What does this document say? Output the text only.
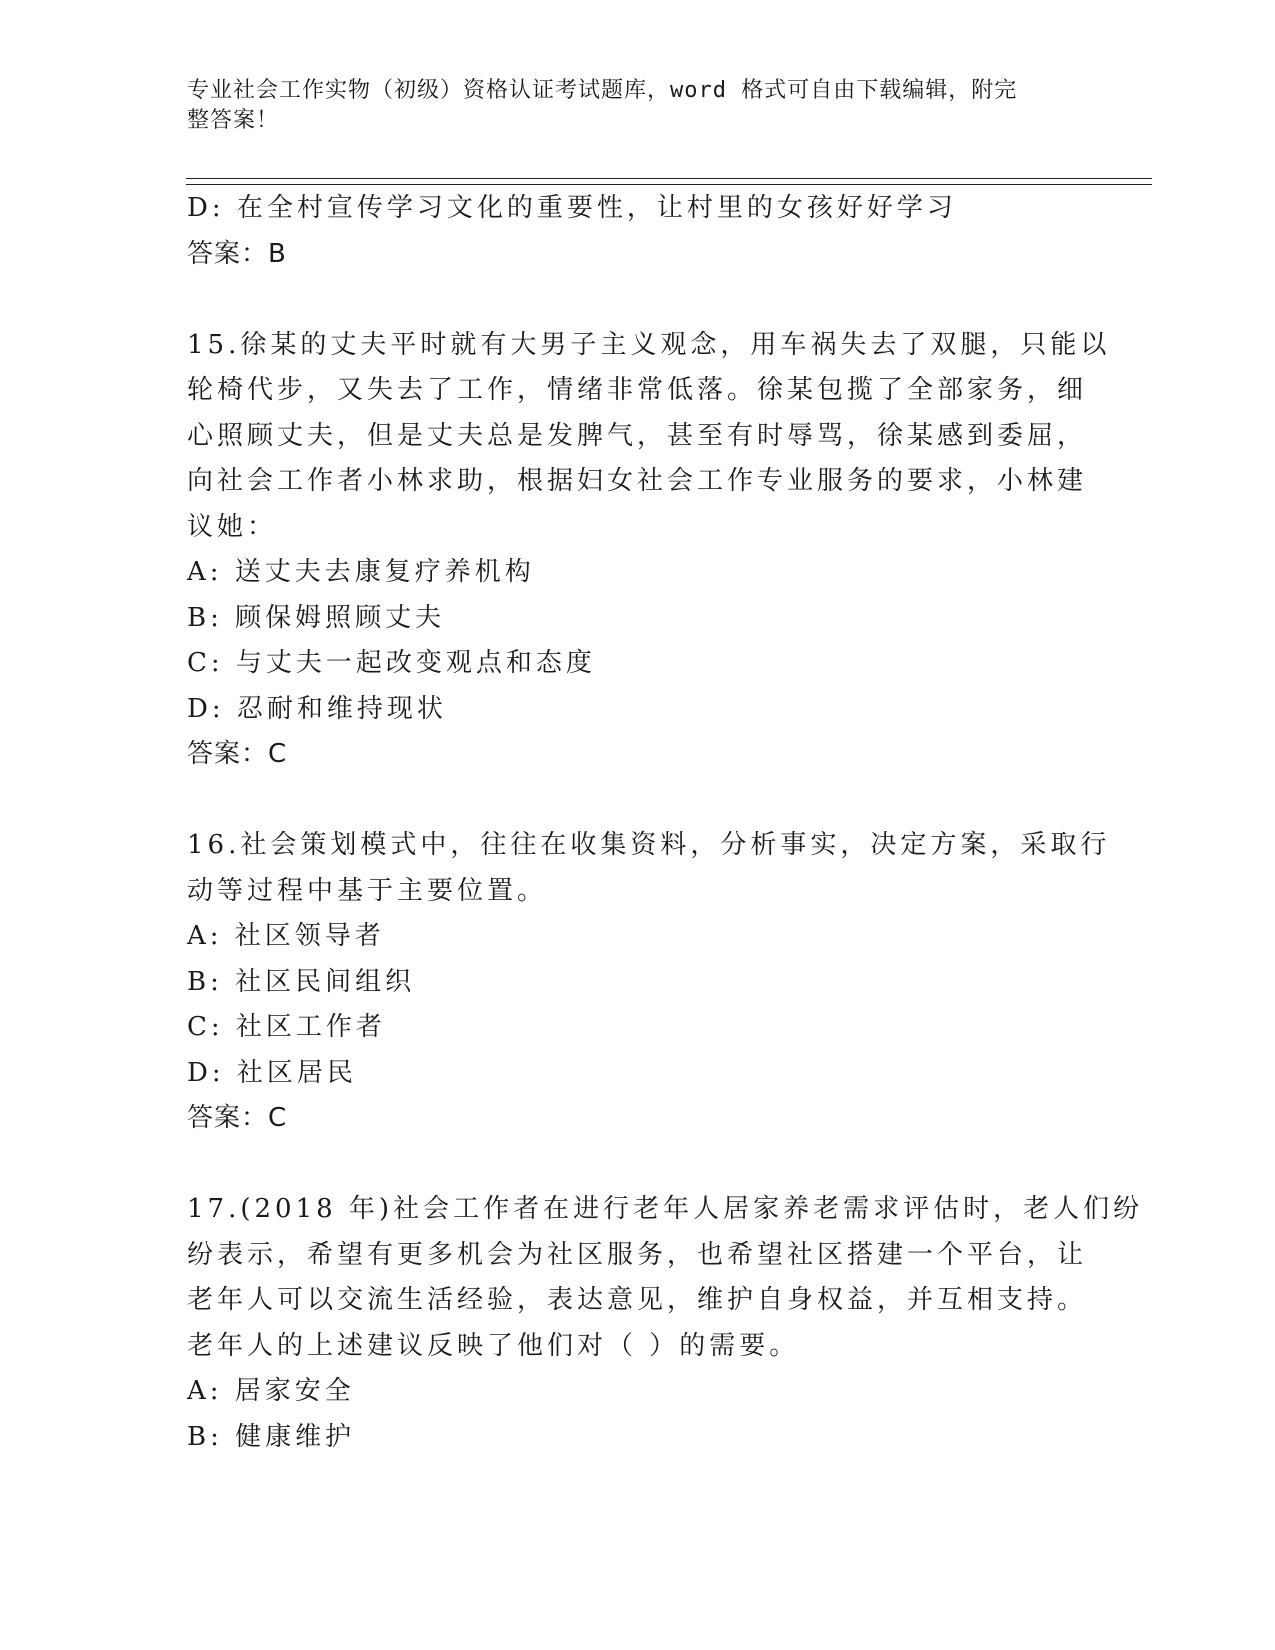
专业社会工作实物（初级）资格认证考试题库，word 格式可自由下载编辑，附完
整答案！
D: 在全村宣传学习文化的重要性，让村里的女孩好好学习
答案：B
15.徐某的丈夫平时就有大男子主义观念，用车祸失去了双腿，只能以
轮椅代步，又失去了工作，情绪非常低落。徐某包揽了全部家务，细
心照顾丈夫，但是丈夫总是发脾气，甚至有时辱骂，徐某感到委屈，
向社会工作者小林求助，根据妇女社会工作专业服务的要求，小林建
议她：
A: 送丈夫去康复疗养机构
B: 顾保姆照顾丈夫
C: 与丈夫一起改变观点和态度
D: 忍耐和维持现状
答案：C
16.社会策划模式中，往往在收集资料，分析事实，决定方案，采取行
动等过程中基于主要位置。
A: 社区领导者
B: 社区民间组织
C: 社区工作者
D: 社区居民
答案：C
17.(2018 年)社会工作者在进行老年人居家养老需求评估时，老人们纷
纷表示，希望有更多机会为社区服务，也希望社区搭建一个平台，让
老年人可以交流生活经验，表达意见，维护自身权益，并互相支持。
老年人的上述建议反映了他们对（ ）的需要。
A: 居家安全
B: 健康维护
